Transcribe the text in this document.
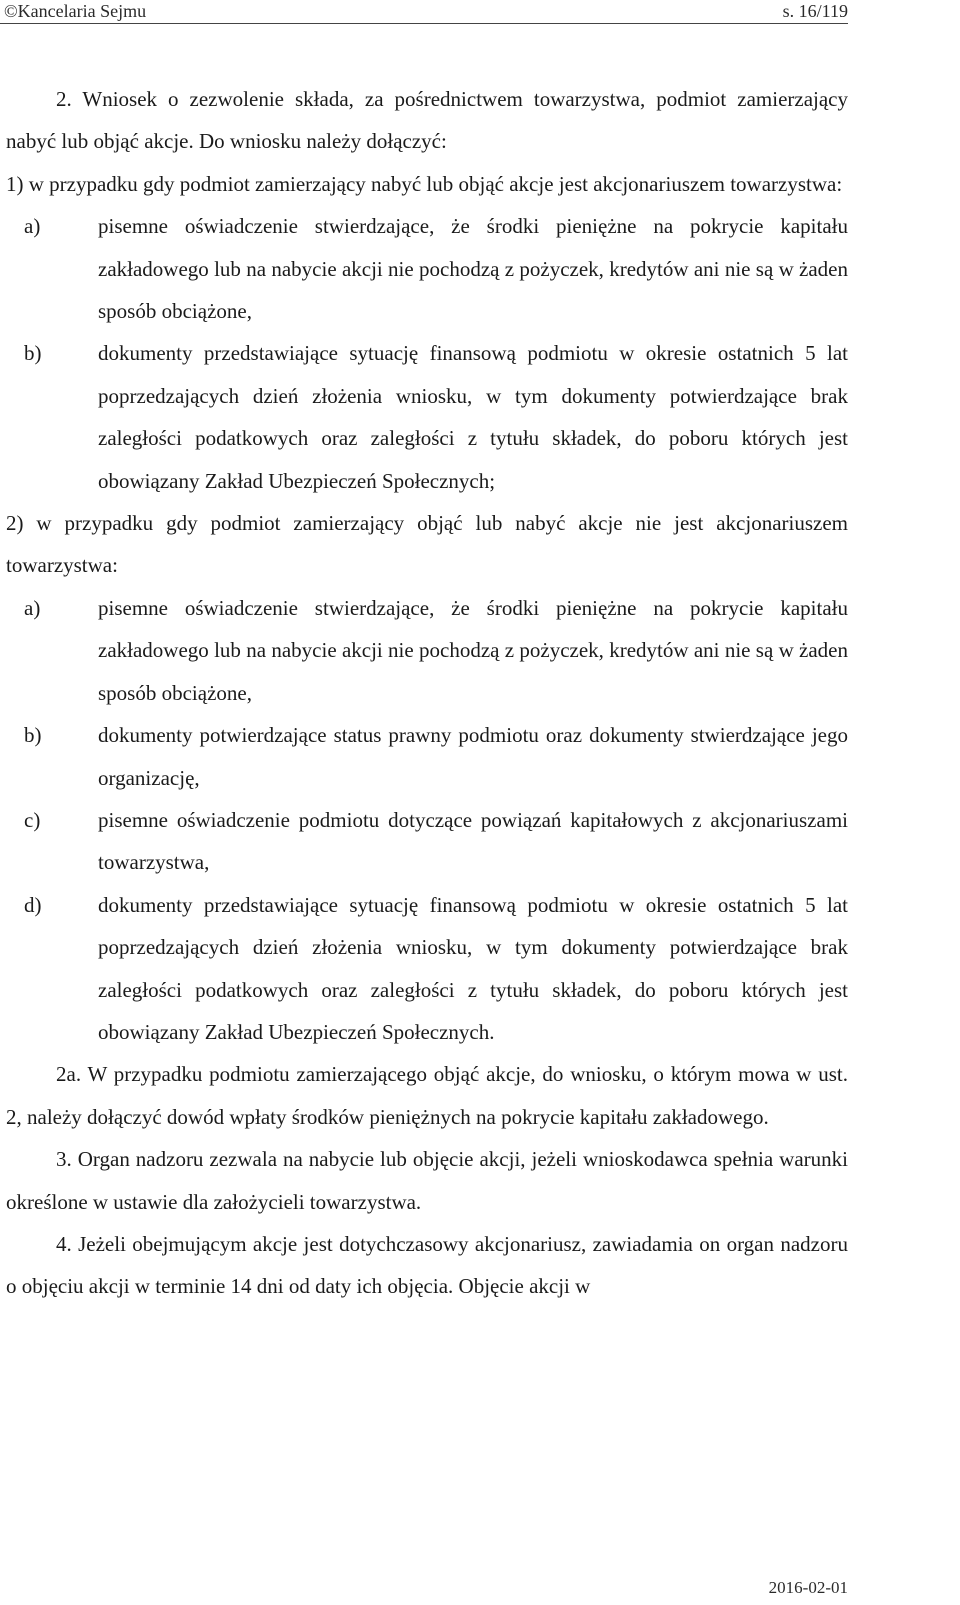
©Kancelaria Sejmu	s. 16/119

2. Wniosek o zezwolenie składa, za pośrednictwem towarzystwa, podmiot zamierzający nabyć lub objąć akcje. Do wniosku należy dołączyć:

1) w przypadku gdy podmiot zamierzający nabyć lub objąć akcje jest akcjonariuszem towarzystwa:

a)	pisemne oświadczenie stwierdzające, że środki pieniężne na pokrycie kapitału zakładowego lub na nabycie akcji nie pochodzą z pożyczek, kredytów ani nie są w żaden sposób obciążone,
b)	dokumenty przedstawiające sytuację finansową podmiotu w okresie ostatnich 5 lat poprzedzających dzień złożenia wniosku, w tym dokumenty potwierdzające brak zaległości podatkowych oraz zaległości z tytułu składek, do poboru których jest obowiązany Zakład Ubezpieczeń Społecznych;

2) w przypadku gdy podmiot zamierzający objąć lub nabyć akcje nie jest akcjonariuszem towarzystwa:

a)	pisemne oświadczenie stwierdzające, że środki pieniężne na pokrycie kapitału zakładowego lub na nabycie akcji nie pochodzą z pożyczek, kredytów ani nie są w żaden sposób obciążone,
b)	dokumenty potwierdzające status prawny podmiotu oraz dokumenty stwierdzające jego organizację,
c)	pisemne oświadczenie podmiotu dotyczące powiązań kapitałowych z akcjonariuszami towarzystwa,
d)	dokumenty przedstawiające sytuację finansową podmiotu w okresie ostatnich 5 lat poprzedzających dzień złożenia wniosku, w tym dokumenty potwierdzające brak zaległości podatkowych oraz zaległości z tytułu składek, do poboru których jest obowiązany Zakład Ubezpieczeń Społecznych.

2a. W przypadku podmiotu zamierzającego objąć akcje, do wniosku, o którym mowa w ust. 2, należy dołączyć dowód wpłaty środków pieniężnych na pokrycie kapitału zakładowego.

3. Organ nadzoru zezwala na nabycie lub objęcie akcji, jeżeli wnioskodawca spełnia warunki określone w ustawie dla założycieli towarzystwa.

4. Jeżeli obejmującym akcje jest dotychczasowy akcjonariusz, zawiadamia on organ nadzoru o objęciu akcji w terminie 14 dni od daty ich objęcia. Objęcie akcji w

2016-02-01
